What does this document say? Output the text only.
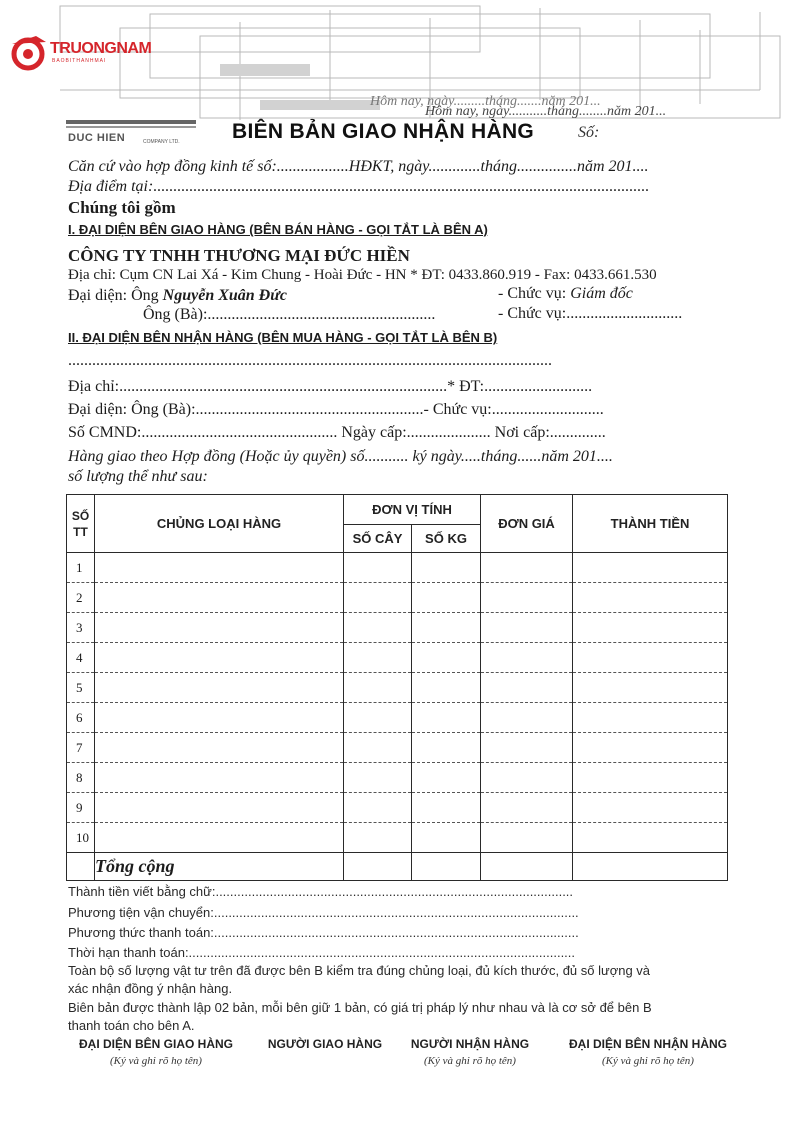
TRUONGNAM
BAOBITHANHMAI
Hôm nay, ngày.........tháng.......năm 201...
Hôm nay, ngày...........tháng........năm 201...
DUC HIEN	COMPANY LTD. BIÊN BẢN GIAO NHẬN HÀNG	Số:
Căn cứ vào hợp đồng kinh tế số:..................HĐKT, ngày.............tháng...............năm 201....
Địa điểm tại:............................................................................................................................
Chúng tôi gồm
I. ĐẠI DIỆN BÊN GIAO HÀNG (BÊN BÁN HÀNG - GỌI TẮT LÀ BÊN A)
CÔNG TY TNHH THƯƠNG MẠI ĐỨC HIỀN
Địa chỉ: Cụm CN Lai Xá - Kim Chung - Hoài Đức - HN * ĐT: 0433.860.919 - Fax: 0433.661.530
Đại diện: Ông Nguyễn Xuân Đức	- Chức vụ: Giám đốc
Ông (Bà):.........................................................	- Chức vụ:.............................
II. ĐẠI DIỆN BÊN NHẬN HÀNG (BÊN MUA HÀNG - GỌI TẮT LÀ BÊN B)
.........................................................................................................................
Địa chỉ:..................................................................................* ĐT:...........................
Đại diện: Ông (Bà):.........................................................- Chức vụ:............................
Số CMND:................................................. Ngày cấp:..................... Nơi cấp:..............
Hàng giao theo Hợp đồng (Hoặc ủy quyền) số........... ký ngày.....tháng......năm 201....
số lượng thể như sau:
SỐ TT	CHỦNG LOẠI HÀNG	ĐƠN VỊ TÍNH		ĐƠN GIÁ	THÀNH TIỀN
		SỐ CÂY	SỐ KG		
1					
2					
3					
4					
5					
6					
7					
8					
9					
10					
	Tổng cộng				
Thành tiền viết bằng chữ:...................................................................................................
Phương tiện vận chuyển:.....................................................................................................
Phương thức thanh toán:.....................................................................................................
Thời hạn thanh toán:...........................................................................................................
Toàn bộ số lượng vật tư trên đã được bên B kiểm tra đúng chủng loại, đủ kích thước, đủ số lượng và
xác nhận đồng ý nhận hàng.
Biên bản được thành lập 02 bản, mỗi bên giữ 1 bản, có giá trị pháp lý như nhau và là cơ sở để bên B
thanh toán cho bên A.
ĐẠI DIỆN BÊN GIAO HÀNG
(Ký và ghi rõ họ tên)
NGƯỜI GIAO HÀNG	NGƯỜI NHẬN HÀNG
(Ký và ghi rõ họ tên)
ĐẠI DIỆN BÊN NHẬN HÀNG
(Ký và ghi rõ họ tên)
